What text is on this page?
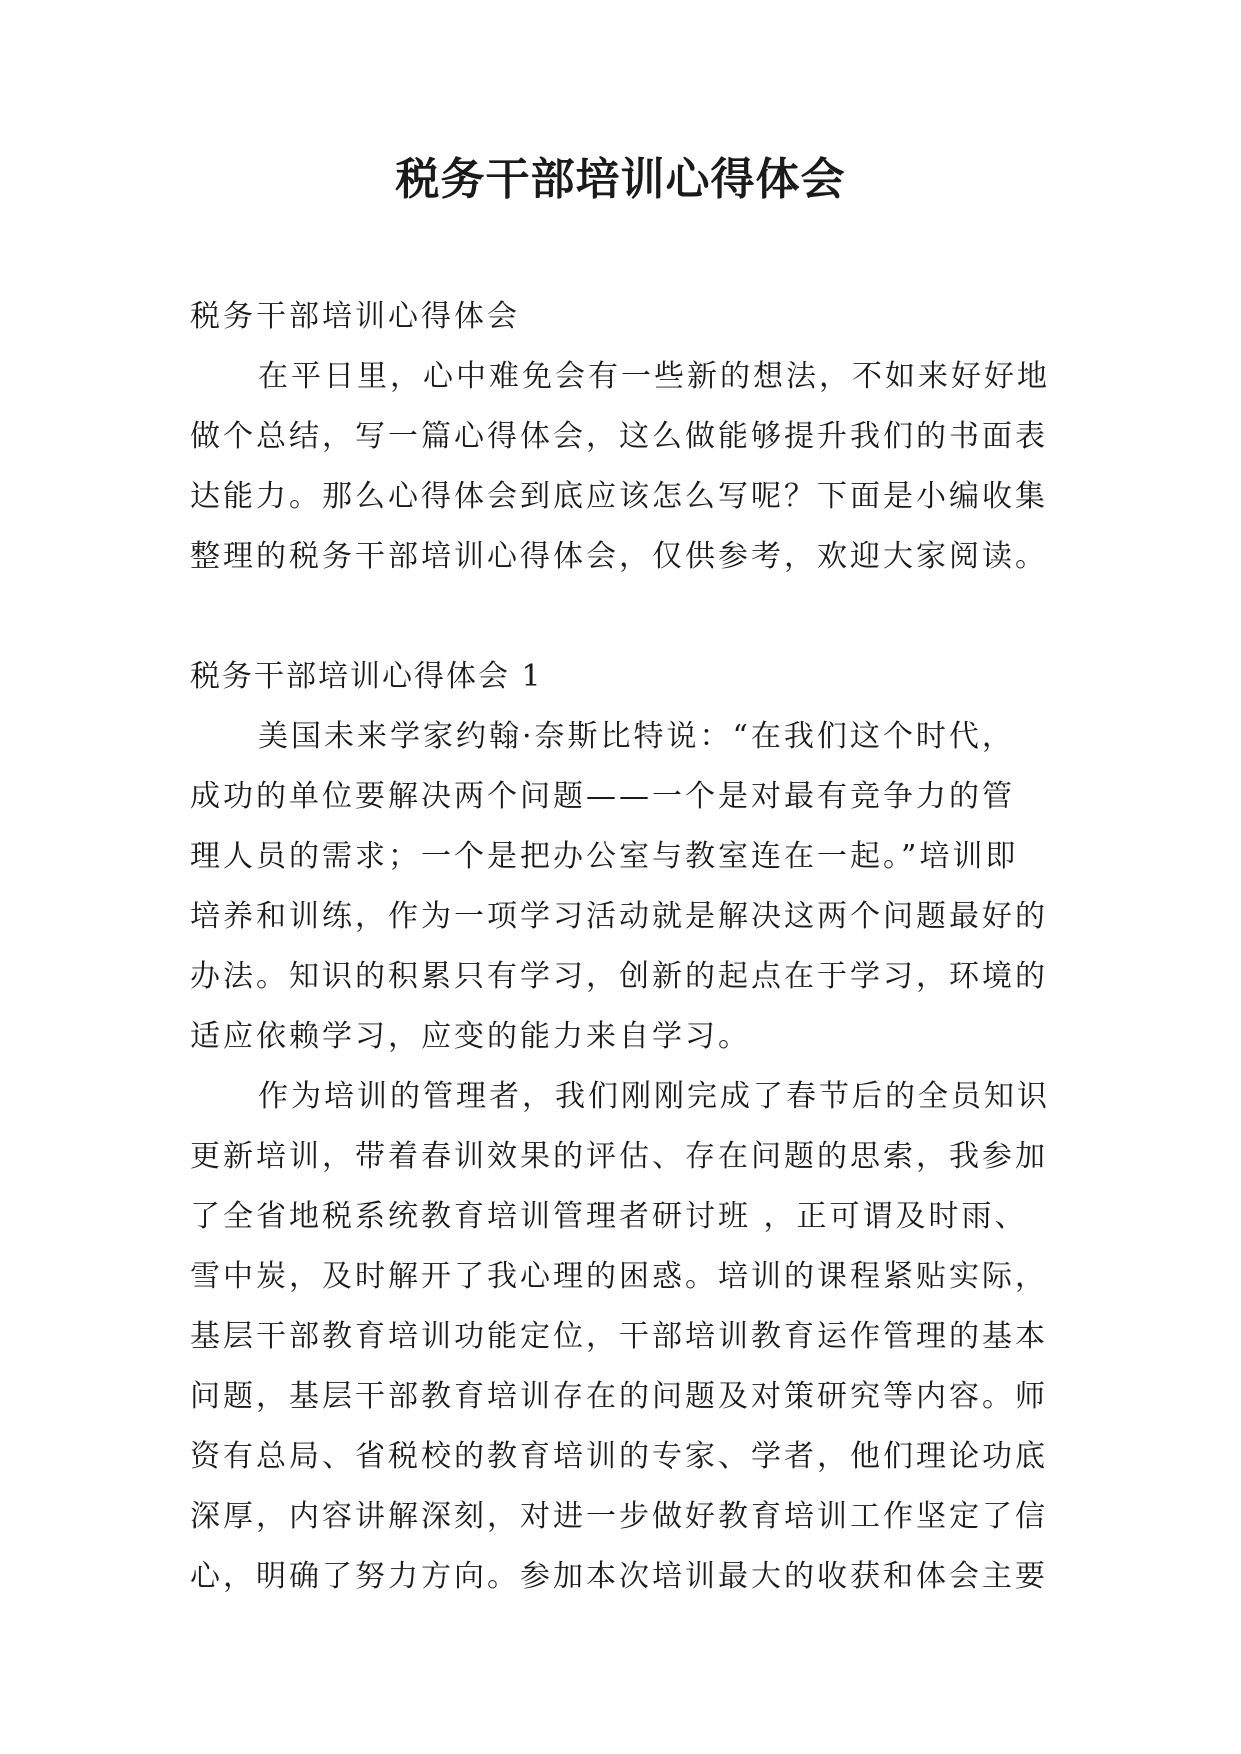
税务干部培训心得体会

税务干部培训心得体会

在平日里，心中难免会有一些新的想法，不如来好好地

做个总结，写一篇心得体会，这么做能够提升我们的书面表

达能力。那么心得体会到底应该怎么写呢？下面是小编收集

整理的税务干部培训心得体会，仅供参考，欢迎大家阅读。

税务干部培训心得体会 1

美国未来学家约翰·奈斯比特说：“在我们这个时代，

成功的单位要解决两个问题——一个是对最有竞争力的管

理人员的需求；一个是把办公室与教室连在一起。”培训即

培养和训练，作为一项学习活动就是解决这两个问题最好的

办法。知识的积累只有学习，创新的起点在于学习，环境的

适应依赖学习，应变的能力来自学习。

作为培训的管理者，我们刚刚完成了春节后的全员知识

更新培训，带着春训效果的评估、存在问题的思索，我参加

了全省地税系统教育培训管理者研讨班 ，正可谓及时雨、

雪中炭，及时解开了我心理的困惑。培训的课程紧贴实际，

基层干部教育培训功能定位，干部培训教育运作管理的基本

问题，基层干部教育培训存在的问题及对策研究等内容。师

资有总局、省税校的教育培训的专家、学者，他们理论功底

深厚，内容讲解深刻，对进一步做好教育培训工作坚定了信

心，明确了努力方向。参加本次培训最大的收获和体会主要
